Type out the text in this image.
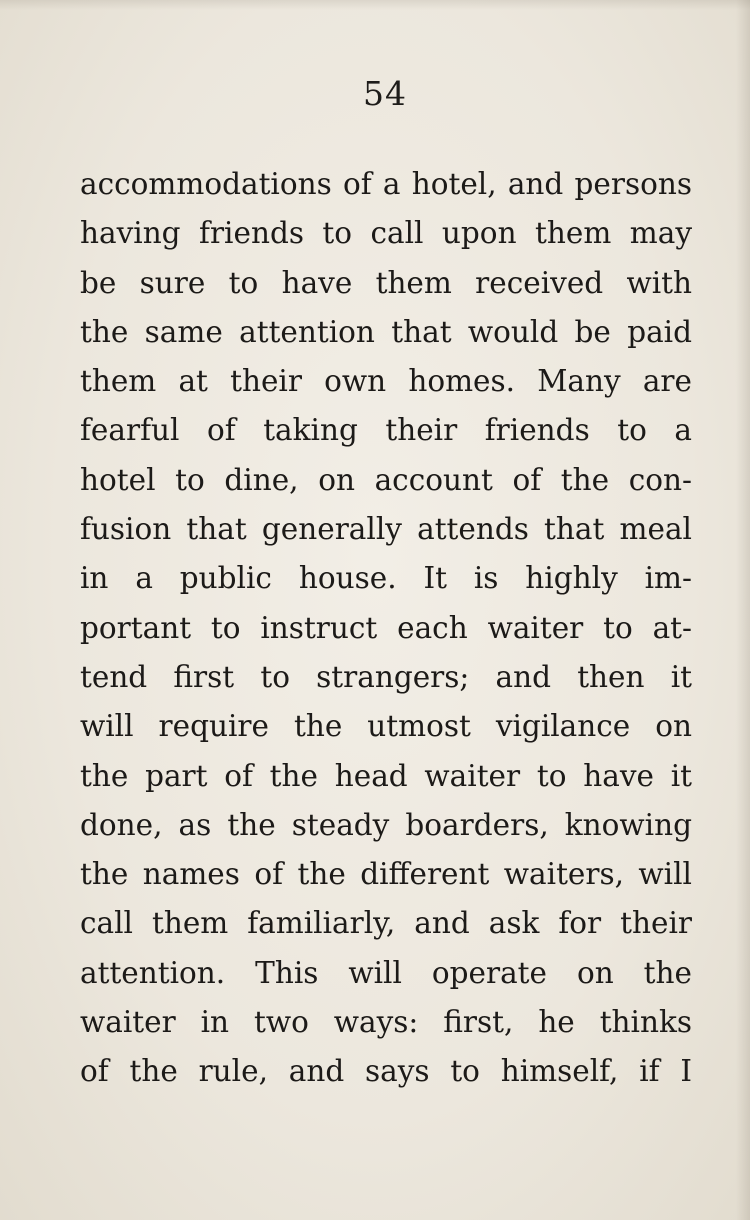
54
accommodations of a hotel, and persons
having friends to call upon them may
be sure to have them received with
the same attention that would be paid
them at their own homes. Many are
fearful of taking their friends to a
hotel to dine, on account of the con-
fusion that generally attends that meal
in a public house. It is highly im-
portant to instruct each waiter to at-
tend first to strangers; and then it
will require the utmost vigilance on
the part of the head waiter to have it
done, as the steady boarders, knowing
the names of the different waiters, will
call them familiarly, and ask for their
attention. This will operate on the
waiter in two ways: first, he thinks
of the rule, and says to himself, if I
